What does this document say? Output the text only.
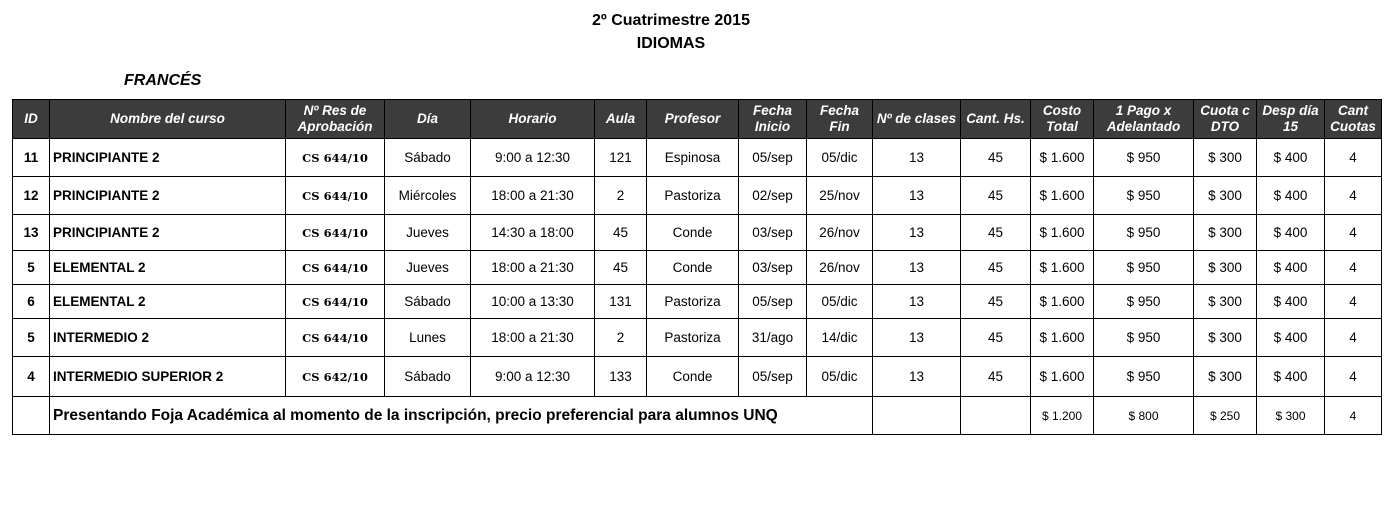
2º Cuatrimestre 2015
IDIOMAS
FRANCÉS
ID	Nombre del curso	Nº Res de Aprobación	Día	Horario	Aula	Profesor	Fecha Inicio	Fecha Fin	Nº de clases	Cant. Hs.	Costo Total	1 Pago x Adelantado	Cuota c DTO	Desp día 15	Cant Cuotas
11	PRINCIPIANTE 2	CS 644/10	Sábado	9:00 a 12:30	121	Espinosa	05/sep	05/dic	13	45	$ 1.600	$ 950	$ 300	$ 400	4
12	PRINCIPIANTE 2	CS 644/10	Miércoles	18:00 a 21:30	2	Pastoriza	02/sep	25/nov	13	45	$ 1.600	$ 950	$ 300	$ 400	4
13	PRINCIPIANTE 2	CS 644/10	Jueves	14:30 a 18:00	45	Conde	03/sep	26/nov	13	45	$ 1.600	$ 950	$ 300	$ 400	4
5	ELEMENTAL 2	CS 644/10	Jueves	18:00 a 21:30	45	Conde	03/sep	26/nov	13	45	$ 1.600	$ 950	$ 300	$ 400	4
6	ELEMENTAL 2	CS 644/10	Sábado	10:00 a 13:30	131	Pastoriza	05/sep	05/dic	13	45	$ 1.600	$ 950	$ 300	$ 400	4
5	INTERMEDIO 2	CS 644/10	Lunes	18:00 a 21:30	2	Pastoriza	31/ago	14/dic	13	45	$ 1.600	$ 950	$ 300	$ 400	4
4	INTERMEDIO SUPERIOR 2	CS 642/10	Sábado	9:00 a 12:30	133	Conde	05/sep	05/dic	13	45	$ 1.600	$ 950	$ 300	$ 400	4
	Presentando Foja Académica al momento de la inscripción, precio preferencial para alumnos UNQ										$ 1.200	$ 800	$ 250	$ 300	4
